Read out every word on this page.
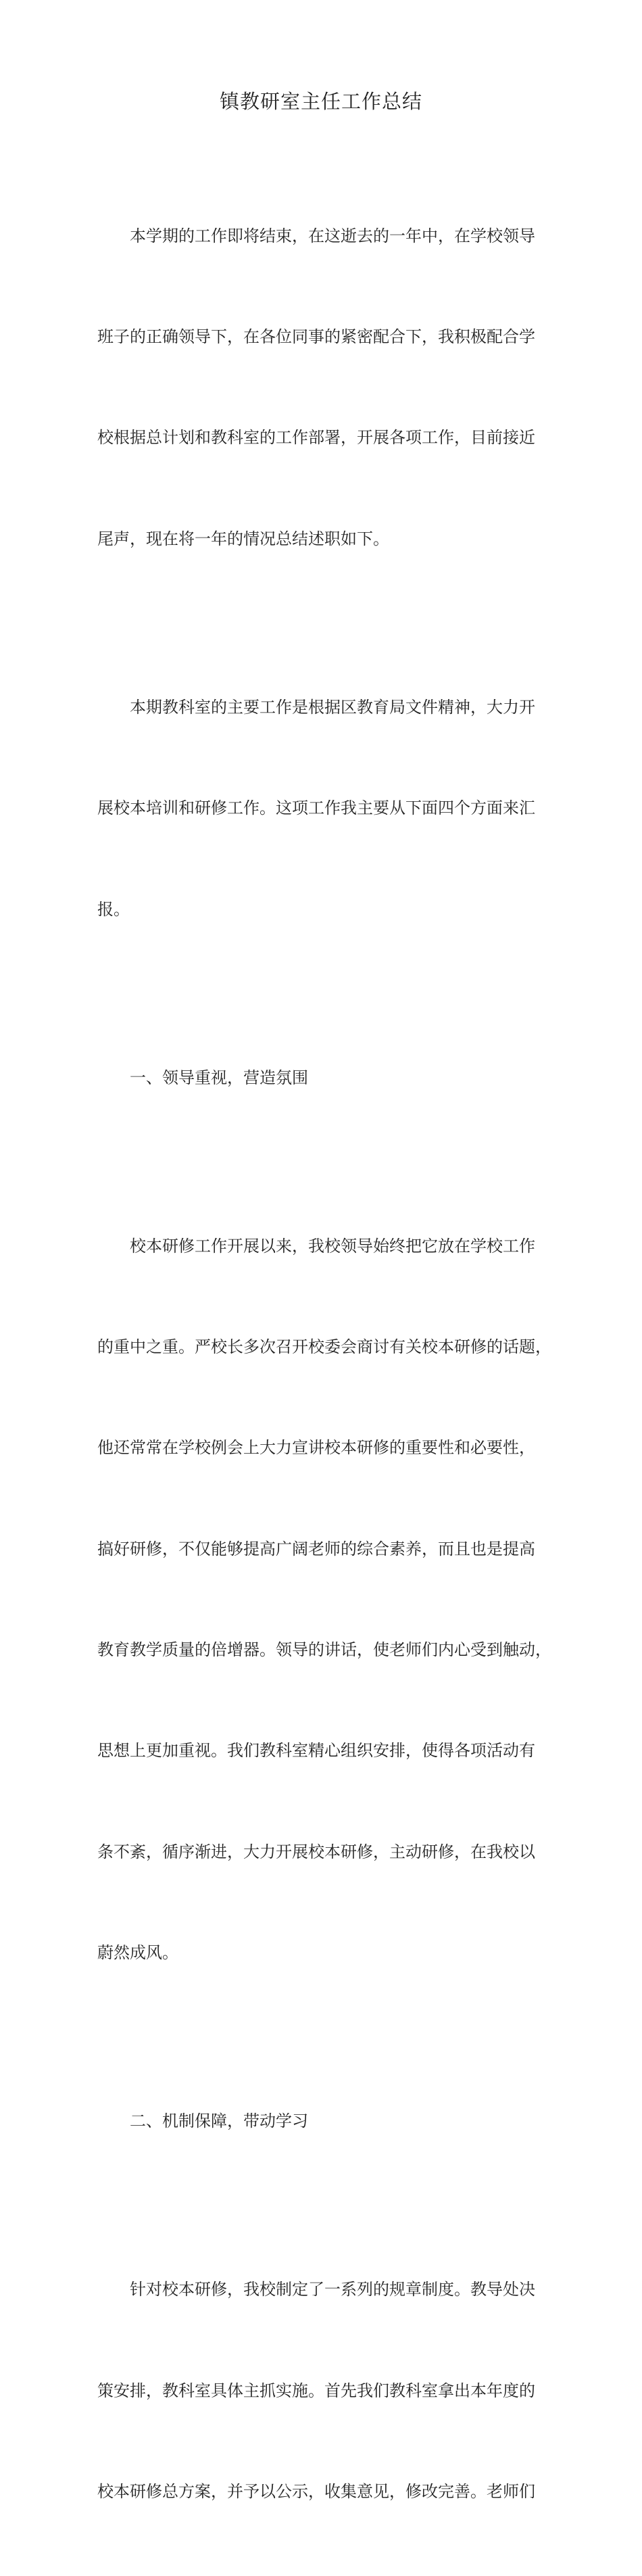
镇教研室主任工作总结

本学期的工作即将结束，在这逝去的一年中，在学校领导

班子的正确领导下，在各位同事的紧密配合下，我积极配合学

校根据总计划和教科室的工作部署，开展各项工作，目前接近

尾声，现在将一年的情况总结述职如下。

本期教科室的主要工作是根据区教育局文件精神，大力开

展校本培训和研修工作。这项工作我主要从下面四个方面来汇

报。

一、领导重视，营造氛围

校本研修工作开展以来，我校领导始终把它放在学校工作

的重中之重。严校长多次召开校委会商讨有关校本研修的话题，

他还常常在学校例会上大力宣讲校本研修的重要性和必要性，

搞好研修，不仅能够提高广阔老师的综合素养，而且也是提高

教育教学质量的倍增器。领导的讲话，使老师们内心受到触动，

思想上更加重视。我们教科室精心组织安排，使得各项活动有

条不紊，循序渐进，大力开展校本研修，主动研修，在我校以

蔚然成风。

二、机制保障，带动学习

针对校本研修，我校制定了一系列的规章制度。教导处决

策安排，教科室具体主抓实施。首先我们教科室拿出本年度的

校本研修总方案，并予以公示，收集意见，修改完善。老师们
